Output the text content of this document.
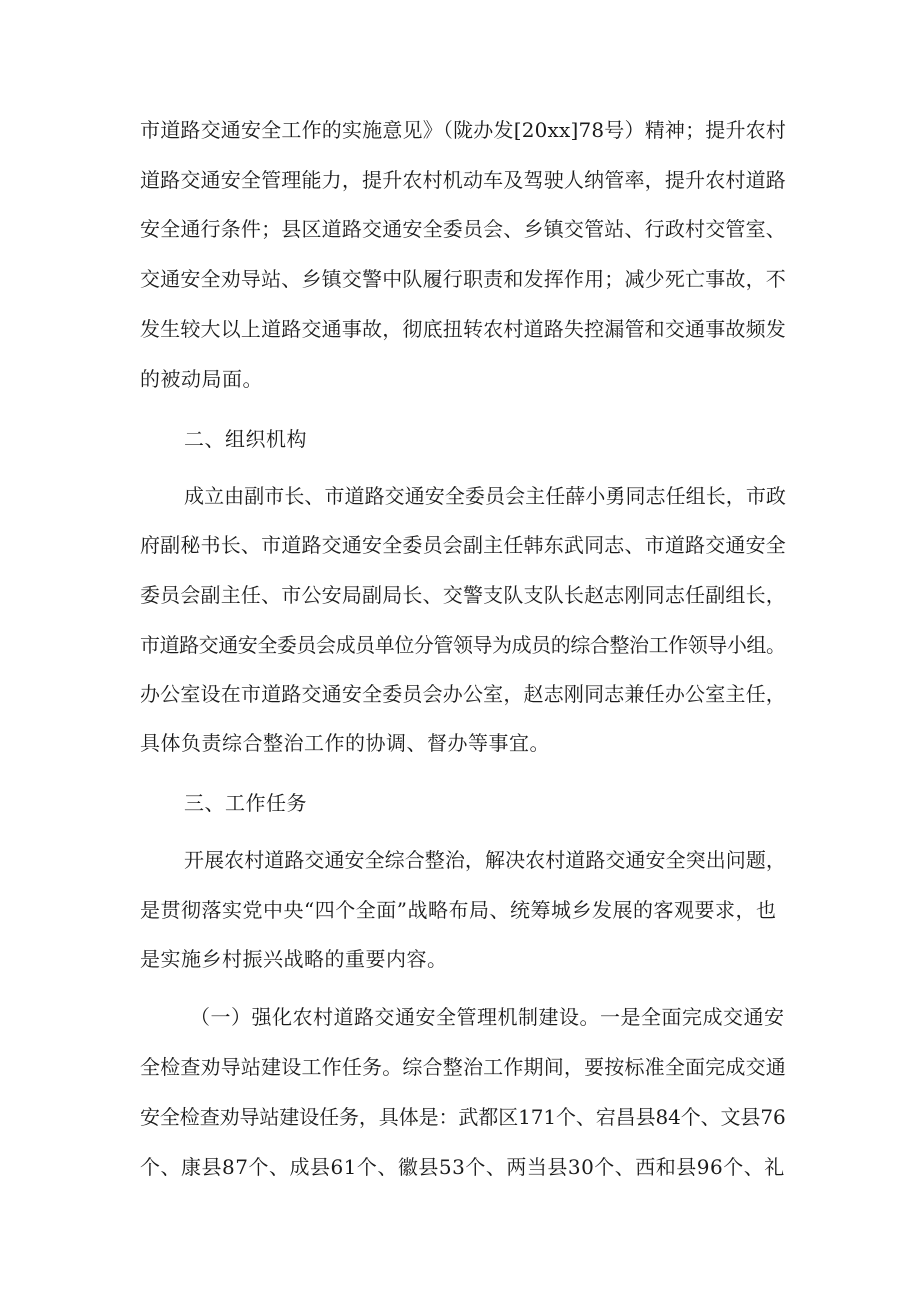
市道路交通安全工作的实施意见》（陇办发[20xx]78号）精神；提升农村
道路交通安全管理能力，提升农村机动车及驾驶人纳管率，提升农村道路
安全通行条件；县区道路交通安全委员会、乡镇交管站、行政村交管室、
交通安全劝导站、乡镇交警中队履行职责和发挥作用；减少死亡事故，不
发生较大以上道路交通事故，彻底扭转农村道路失控漏管和交通事故频发
的被动局面。
二、组织机构
成立由副市长、市道路交通安全委员会主任薛小勇同志任组长，市政
府副秘书长、市道路交通安全委员会副主任韩东武同志、市道路交通安全
委员会副主任、市公安局副局长、交警支队支队长赵志刚同志任副组长，
市道路交通安全委员会成员单位分管领导为成员的综合整治工作领导小组。
办公室设在市道路交通安全委员会办公室，赵志刚同志兼任办公室主任，
具体负责综合整治工作的协调、督办等事宜。
三、工作任务
开展农村道路交通安全综合整治，解决农村道路交通安全突出问题，
是贯彻落实党中央“四个全面”战略布局、统筹城乡发展的客观要求，也
是实施乡村振兴战略的重要内容。
（一）强化农村道路交通安全管理机制建设。一是全面完成交通安
全检查劝导站建设工作任务。综合整治工作期间，要按标准全面完成交通
安全检查劝导站建设任务，具体是：武都区171个、宕昌县84个、文县76
个、康县87个、成县61个、徽县53个、两当县30个、西和县96个、礼
